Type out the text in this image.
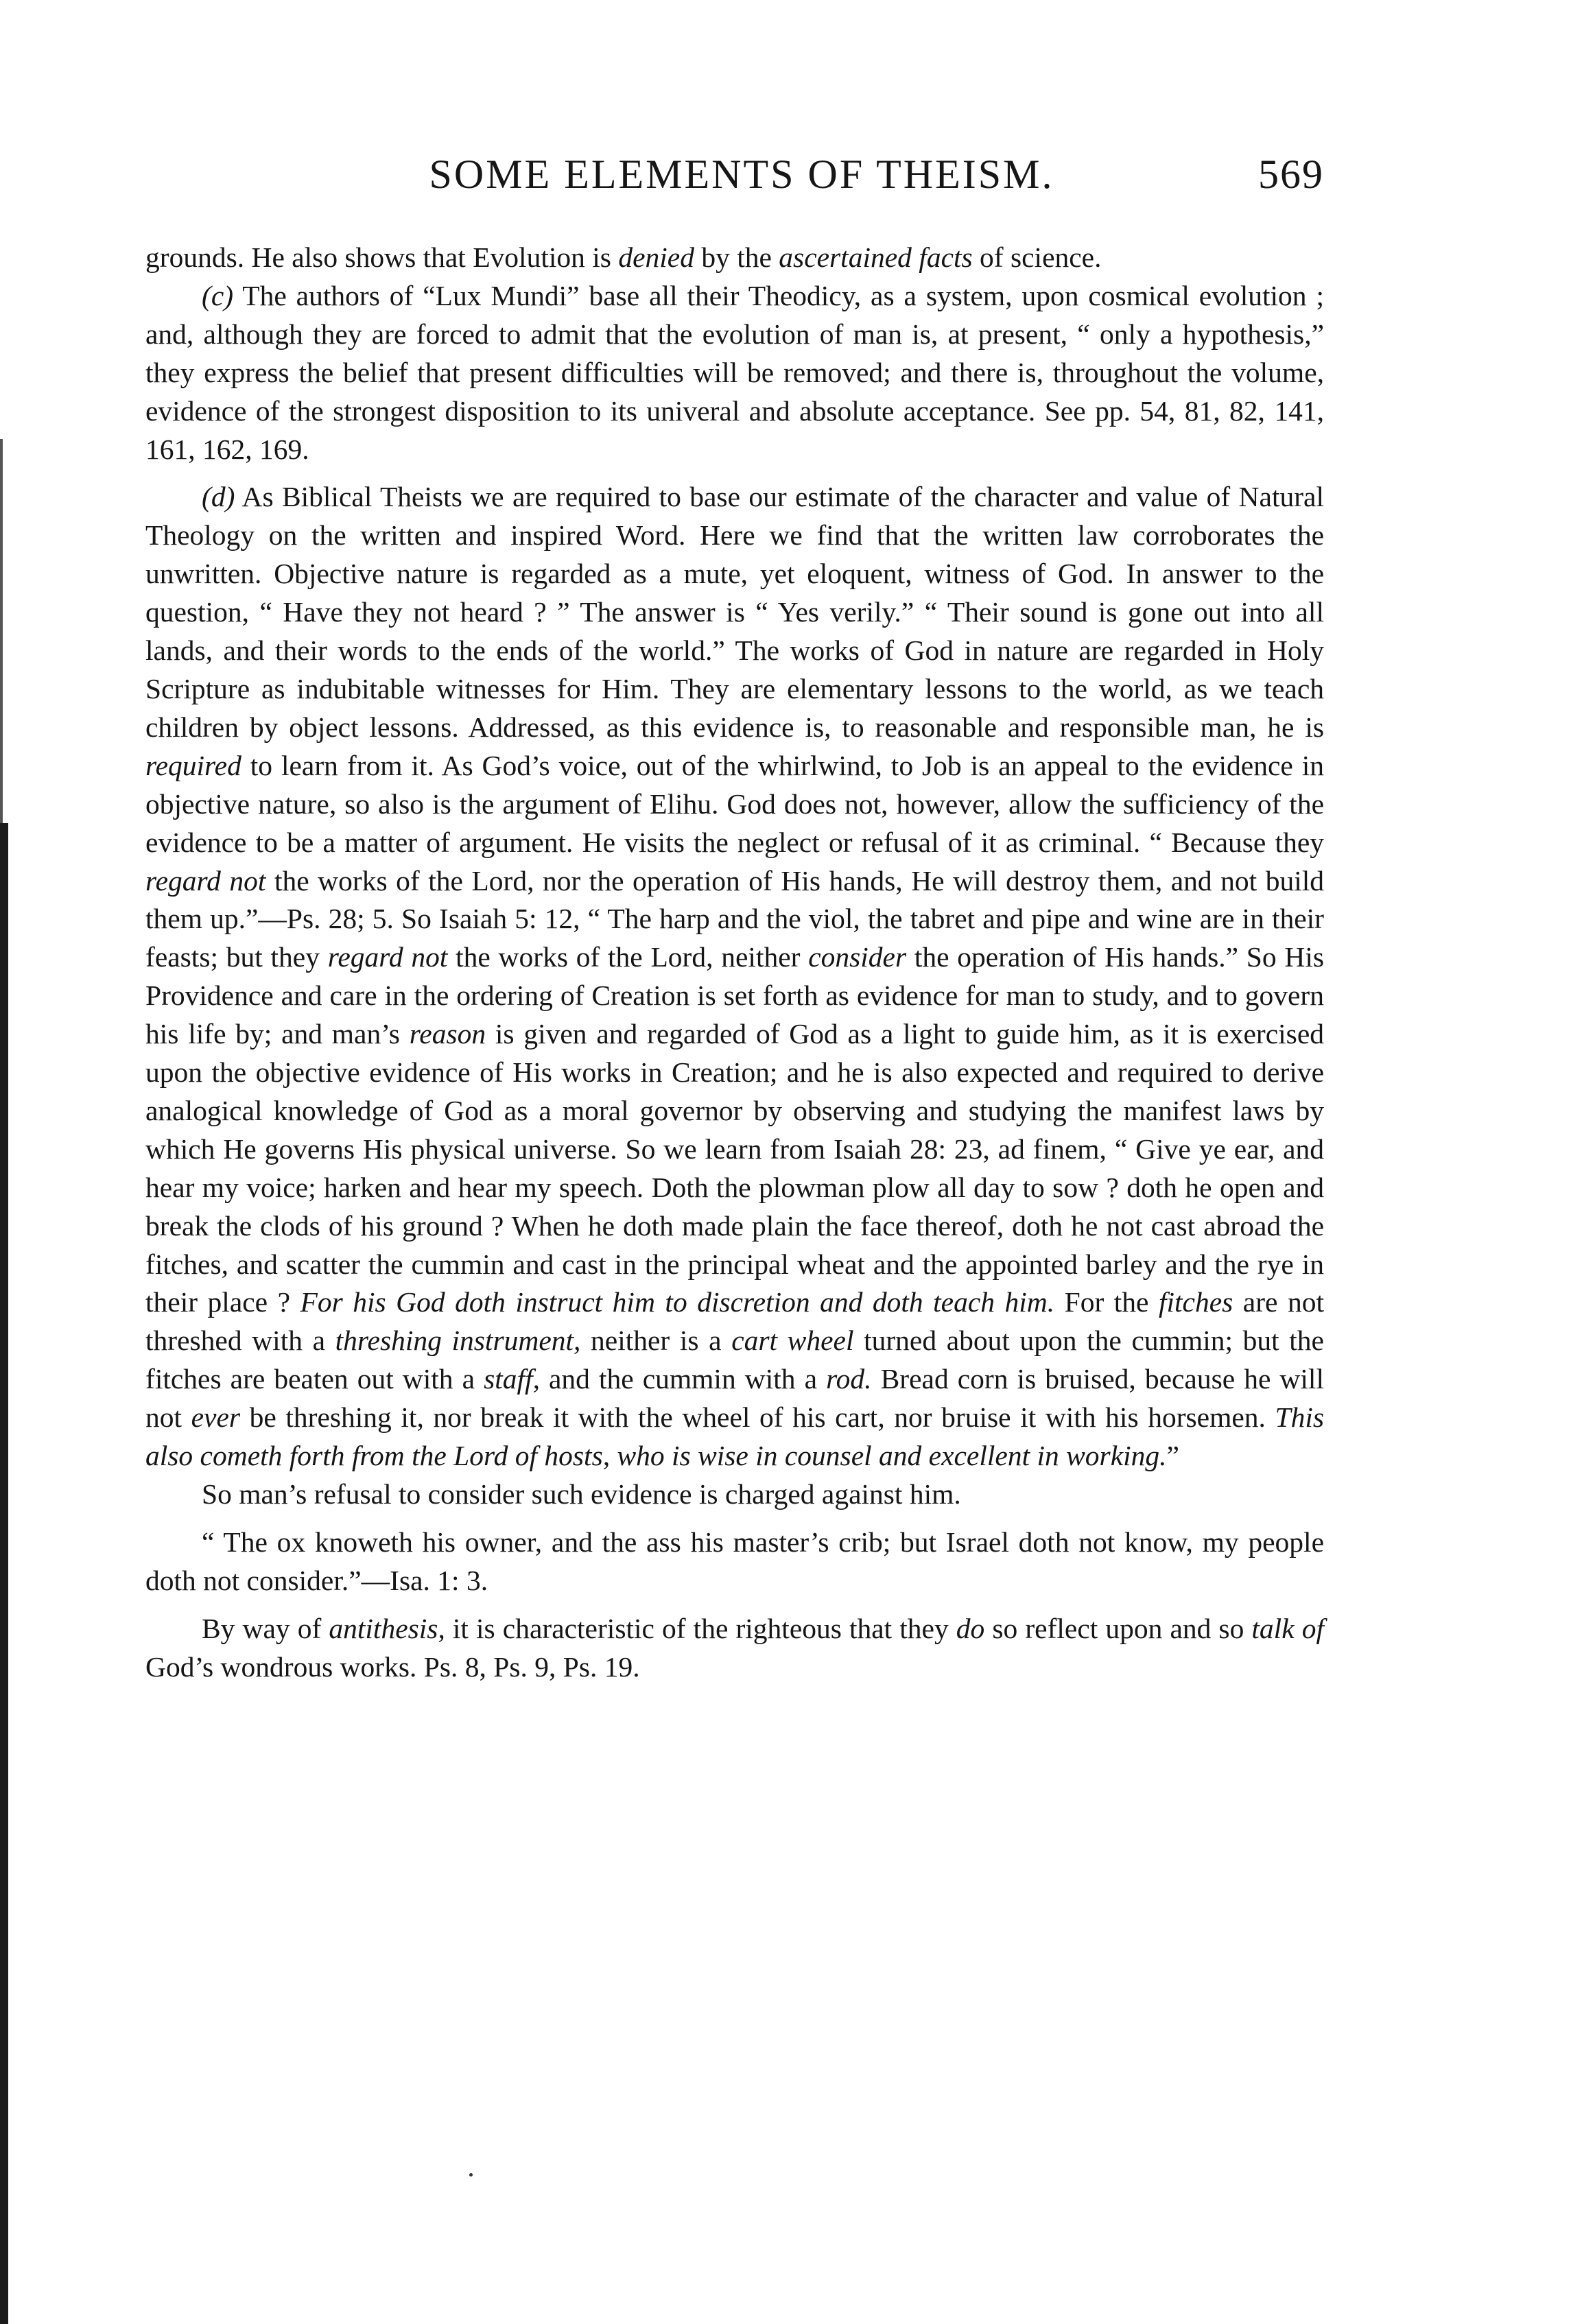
SOME ELEMENTS OF THEISM.	569

grounds. He also shows that Evolution is denied by the ascertained facts of science.

(c) The authors of “Lux Mundi” base all their Theodicy, as a system, upon cosmical evolution ; and, although they are forced to admit that the evolution of man is, at present, “ only a hypothesis,” they express the belief that present difficulties will be removed; and there is, throughout the volume, evidence of the strongest disposition to its univeral and absolute acceptance. See pp. 54, 81, 82, 141, 161, 162, 169.

(d) As Biblical Theists we are required to base our estimate of the character and value of Natural Theology on the written and inspired Word. Here we find that the written law corroborates the unwritten. Objective nature is regarded as a mute, yet eloquent, witness of God. In answer to the question, “ Have they not heard ? ” The answer is “ Yes verily.” “ Their sound is gone out into all lands, and their words to the ends of the world.” The works of God in nature are regarded in Holy Scripture as indubitable witnesses for Him. They are elementary lessons to the world, as we teach children by object lessons. Addressed, as this evidence is, to reasonable and responsible man, he is required to learn from it. As God’s voice, out of the whirlwind, to Job is an appeal to the evidence in objective nature, so also is the argument of Elihu. God does not, however, allow the sufficiency of the evidence to be a matter of argument. He visits the neglect or refusal of it as criminal. “ Because they regard not the works of the Lord, nor the operation of His hands, He will destroy them, and not build them up.”—Ps. 28; 5. So Isaiah 5: 12, “ The harp and the viol, the tabret and pipe and wine are in their feasts; but they regard not the works of the Lord, neither consider the operation of His hands.” So His Providence and care in the ordering of Creation is set forth as evidence for man to study, and to govern his life by; and man’s reason is given and regarded of God as a light to guide him, as it is exercised upon the objective evidence of His works in Creation; and he is also expected and required to derive analogical knowledge of God as a moral governor by observing and studying the manifest laws by which He governs His physical universe. So we learn from Isaiah 28: 23, ad finem, “ Give ye ear, and hear my voice; harken and hear my speech. Doth the plowman plow all day to sow ? doth he open and break the clods of his ground ? When he doth made plain the face thereof, doth he not cast abroad the fitches, and scatter the cummin and cast in the principal wheat and the appointed barley and the rye in their place ? For his God doth instruct him to discretion and doth teach him. For the fitches are not threshed with a threshing instrument, neither is a cart wheel turned about upon the cummin; but the fitches are beaten out with a staff, and the cummin with a rod. Bread corn is bruised, because he will not ever be threshing it, nor break it with the wheel of his cart, nor bruise it with his horsemen. This also cometh forth from the Lord of hosts, who is wise in counsel and excellent in working.”

So man’s refusal to consider such evidence is charged against him.

“ The ox knoweth his owner, and the ass his master’s crib; but Israel doth not know, my people doth not consider.”—Isa. 1: 3.

By way of antithesis, it is characteristic of the righteous that they do so reflect upon and so talk of God’s wondrous works. Ps. 8, Ps. 9, Ps. 19.
